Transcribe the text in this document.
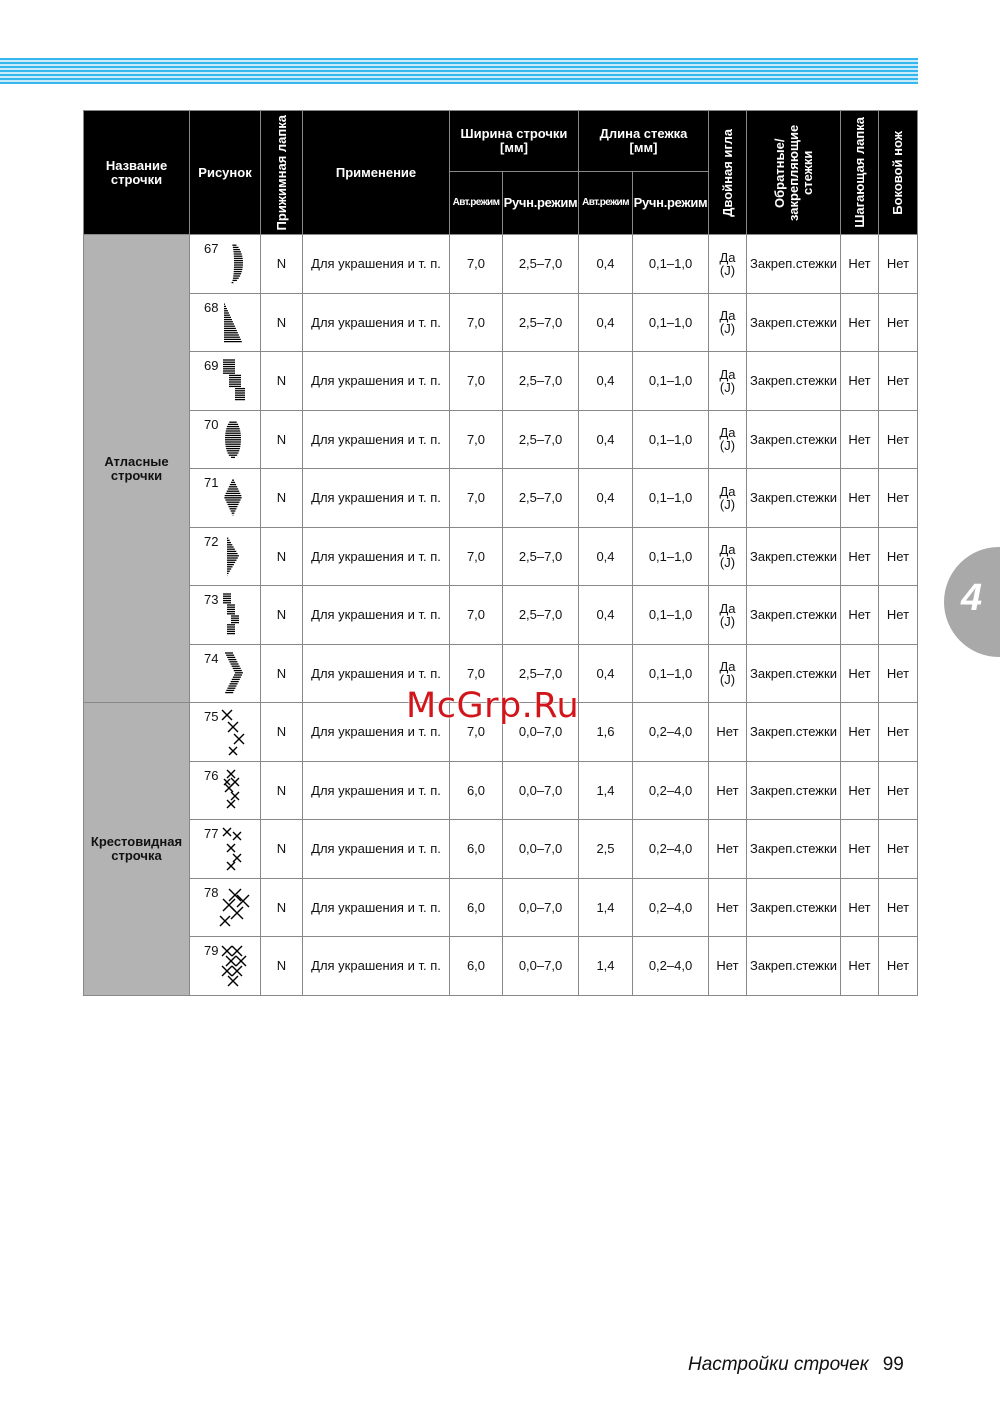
Название строчки	Рисунок	Прижимная лапка	Применение	Ширина строчки [мм]		Длина стежка [мм]		Двойная игла	Обратные/ закрепляющие стежки	Шагающая лапка	Боковой нож

				Авт.режим	Ручн.режим	Авт.режим	Ручн.режим				
Атласные строчки	67	N	Для украшения и т. п.	7,0	2,5–7,0	0,4	0,1–1,0	Да
(J)	Закреп.стежки	Нет	Нет

	68	N	Для украшения и т. п.	7,0	2,5–7,0	0,4	0,1–1,0	Да
(J)	Закреп.стежки	Нет	Нет

	69	N	Для украшения и т. п.	7,0	2,5–7,0	0,4	0,1–1,0	Да
(J)	Закреп.стежки	Нет	Нет

	70	N	Для украшения и т. п.	7,0	2,5–7,0	0,4	0,1–1,0	Да
(J)	Закреп.стежки	Нет	Нет

	71	N	Для украшения и т. п.	7,0	2,5–7,0	0,4	0,1–1,0	Да
(J)	Закреп.стежки	Нет	Нет

	72	N	Для украшения и т. п.	7,0	2,5–7,0	0,4	0,1–1,0	Да
(J)	Закреп.стежки	Нет	Нет

	73	N	Для украшения и т. п.	7,0	2,5–7,0	0,4	0,1–1,0	Да
(J)	Закреп.стежки	Нет	Нет

	74	N	Для украшения и т. п.	7,0	2,5–7,0	0,4	0,1–1,0	Да
(J)	Закреп.стежки	Нет	Нет
Крестовидная строчка	75	N	Для украшения и т. п.	7,0	0,0–7,0	1,6	0,2–4,0	Нет	Закреп.стежки	Нет	Нет

	76	N	Для украшения и т. п.	6,0	0,0–7,0	1,4	0,2–4,0	Нет	Закреп.стежки	Нет	Нет

	77	N	Для украшения и т. п.	6,0	0,0–7,0	2,5	0,2–4,0	Нет	Закреп.стежки	Нет	Нет

	78	N	Для украшения и т. п.	6,0	0,0–7,0	1,4	0,2–4,0	Нет	Закреп.стежки	Нет	Нет

	79	N	Для украшения и т. п.	6,0	0,0–7,0	1,4	0,2–4,0	Нет	Закреп.стежки	Нет	Нет
McGrp.Ru
4
Настройки строчек 99
